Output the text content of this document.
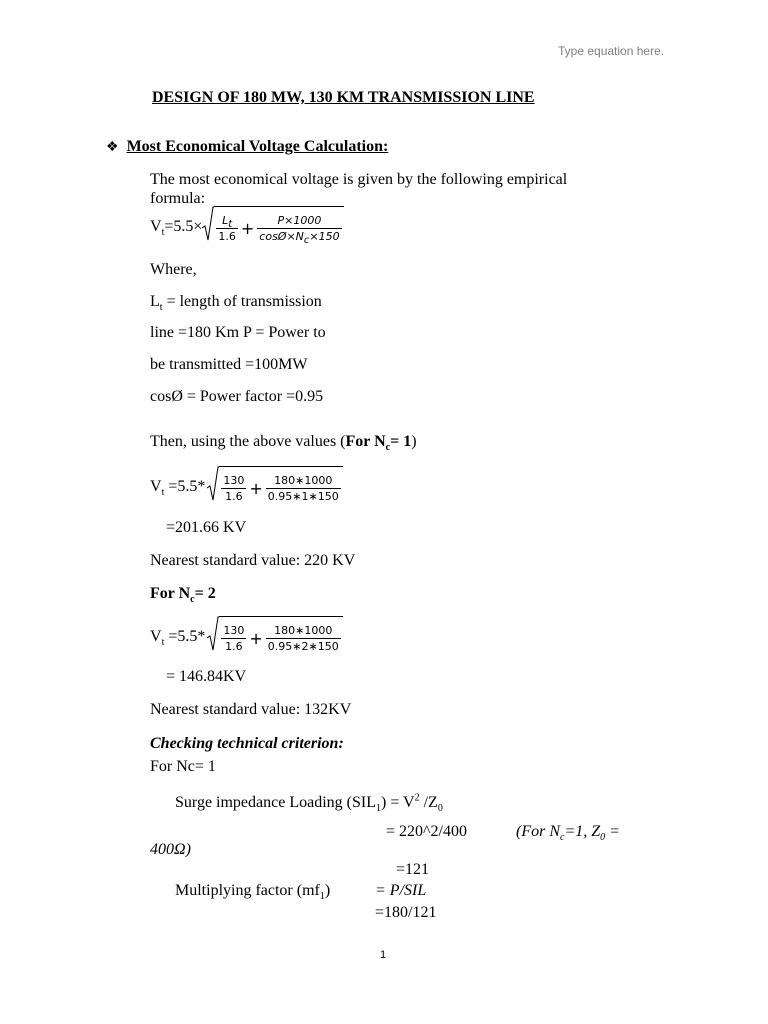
Type equation here.
DESIGN OF 180 MW, 130 KM TRANSMISSION LINE
❖ Most Economical Voltage Calculation:
The most economical voltage is given by the following empirical
formula:
$V_t=5.5\times \frac{L_t}{1.6} + \frac{P\times 1000}{\cos Ø\times N_c\times 150}$
Where,
$L_t$ = length of transmission
line =180 Km P = Power to
be transmitted =100MW
cosØ = Power factor =0.95
Then, using the above values (For $N_c= 1$)
$V_t =5.5* \frac{130}{1.6} + \frac{180∗1000}{0.95∗1∗150}$
=201.66 KV
Nearest standard value: 220 KV
For $N_c= 2$
$V_t =5.5* \frac{130}{1.6} + \frac{180∗1000}{0.95∗2∗150}$
= 146.84KV
Nearest standard value: 132KV
Checking technical criterion:
For Nc= 1
Surge impedance Loading $(SIL_1) = V^2$ $/Z_0$
= 220^2/400	(For $N_c=1$, $Z_0$ =
400Ω)
=121
Multiplying factor $(mf_1)$	= P/SIL
=180/121
1
